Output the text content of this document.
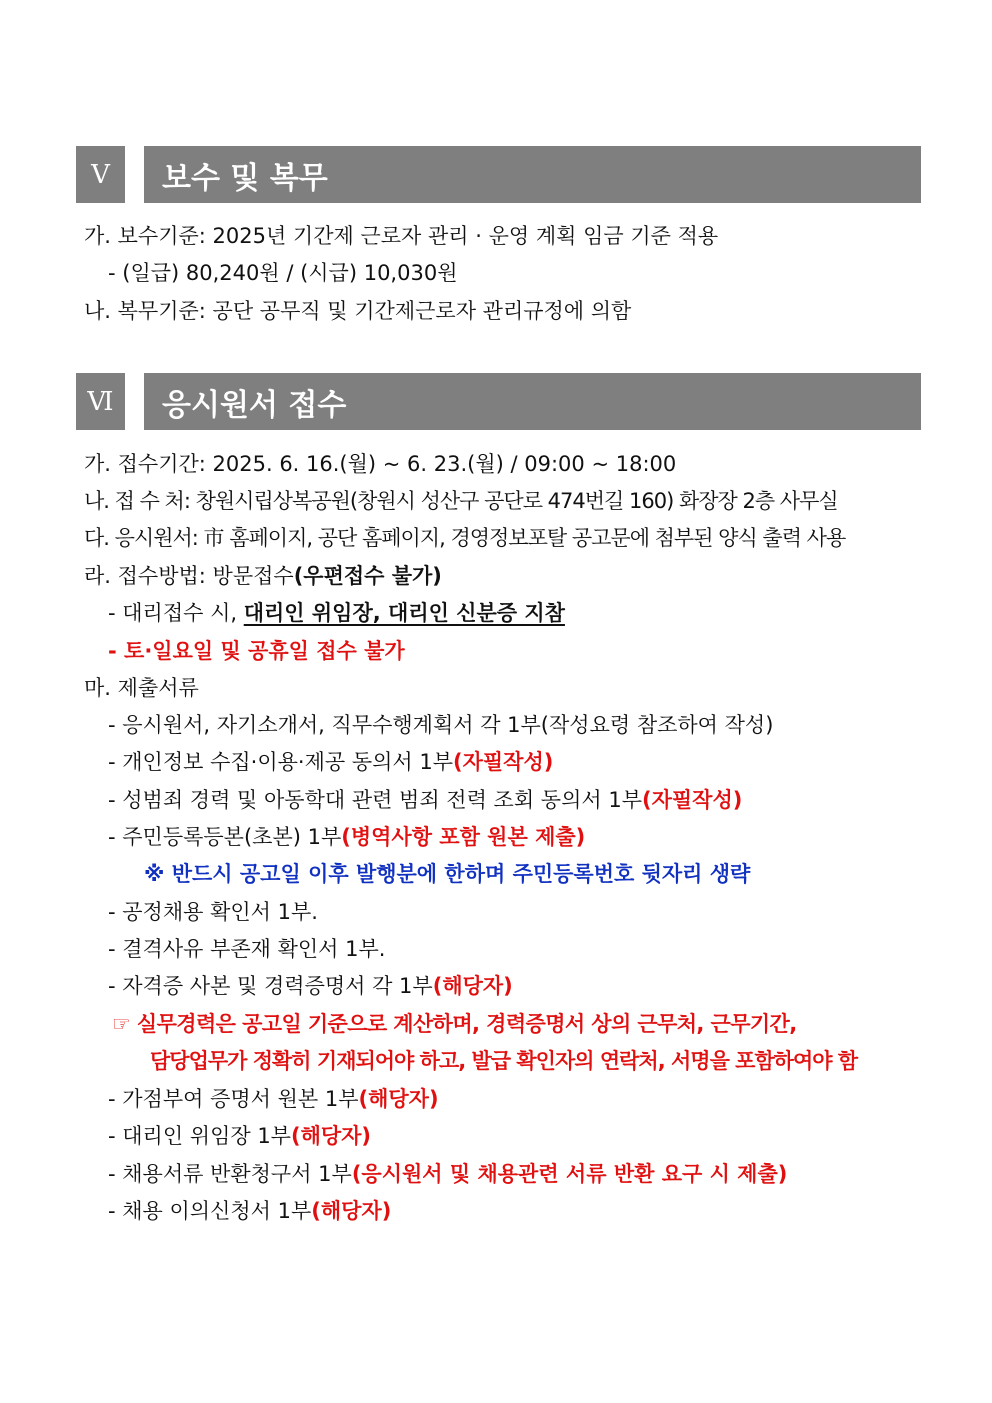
Ⅴ	보수 및 복무
가. 보수기준: 2025년 기간제 근로자 관리 · 운영 계획 임금 기준 적용
- (일급) 80,240원 / (시급) 10,030원
나. 복무기준: 공단 공무직 및 기간제근로자 관리규정에 의함
Ⅵ	응시원서 접수
가. 접수기간: 2025. 6. 16.(월) ~ 6. 23.(월) / 09:00 ~ 18:00
나. 접 수 처: 창원시립상복공원(창원시 성산구 공단로 474번길 160) 화장장 2층 사무실
다. 응시원서: 市 홈페이지, 공단 홈페이지, 경영정보포탈 공고문에 첨부된 양식 출력 사용
라. 접수방법: 방문접수(우편접수 불가)
- 대리접수 시, 대리인 위임장, 대리인 신분증 지참
- 토·일요일 및 공휴일 접수 불가
마. 제출서류
- 응시원서, 자기소개서, 직무수행계획서 각 1부(작성요령 참조하여 작성)
- 개인정보 수집·이용·제공 동의서 1부(자필작성)
- 성범죄 경력 및 아동학대 관련 범죄 전력 조회 동의서 1부(자필작성)
- 주민등록등본(초본) 1부(병역사항 포함 원본 제출)
※ 반드시 공고일 이후 발행분에 한하며 주민등록번호 뒷자리 생략
- 공정채용 확인서 1부.
- 결격사유 부존재 확인서 1부.
- 자격증 사본 및 경력증명서 각 1부(해당자)
☞ 실무경력은 공고일 기준으로 계산하며, 경력증명서 상의 근무처, 근무기간,
담당업무가 정확히 기재되어야 하고, 발급 확인자의 연락처, 서명을 포함하여야 함
- 가점부여 증명서 원본 1부(해당자)
- 대리인 위임장 1부(해당자)
- 채용서류 반환청구서 1부(응시원서 및 채용관련 서류 반환 요구 시 제출)
- 채용 이의신청서 1부(해당자)
